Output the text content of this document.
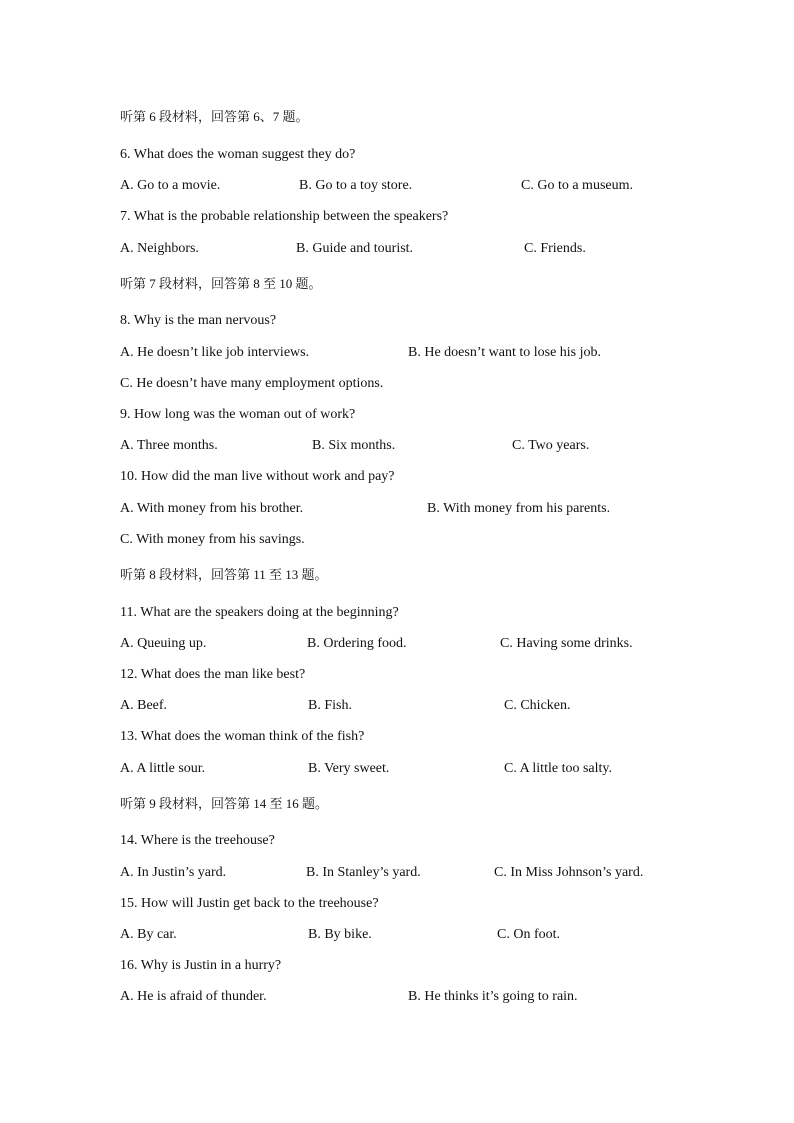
听第 6 段材料，回答第 6、7 题。
6. What does the woman suggest they do?
A. Go to a movie.	B. Go to a toy store.	C. Go to a museum.
7. What is the probable relationship between the speakers?
A. Neighbors.	B. Guide and tourist.	C. Friends.
听第 7 段材料，回答第 8 至 10 题。
8. Why is the man nervous?
A. He doesn’t like job interviews.	B. He doesn’t want to lose his job.
C. He doesn’t have many employment options.
9. How long was the woman out of work?
A. Three months.	B. Six months.	C. Two years.
10. How did the man live without work and pay?
A. With money from his brother.	B. With money from his parents.
C. With money from his savings.
听第 8 段材料，回答第 11 至 13 题。
11. What are the speakers doing at the beginning?
A. Queuing up.	B. Ordering food.	C. Having some drinks.
12. What does the man like best?
A. Beef.	B. Fish.	C. Chicken.
13. What does the woman think of the fish?
A. A little sour.	B. Very sweet.	C. A little too salty.
听第 9 段材料，回答第 14 至 16 题。
14. Where is the treehouse?
A. In Justin’s yard.	B. In Stanley’s yard.	C. In Miss Johnson’s yard.
15. How will Justin get back to the treehouse?
A. By car.	B. By bike.	C. On foot.
16. Why is Justin in a hurry?
A. He is afraid of thunder.	B. He thinks it’s going to rain.
